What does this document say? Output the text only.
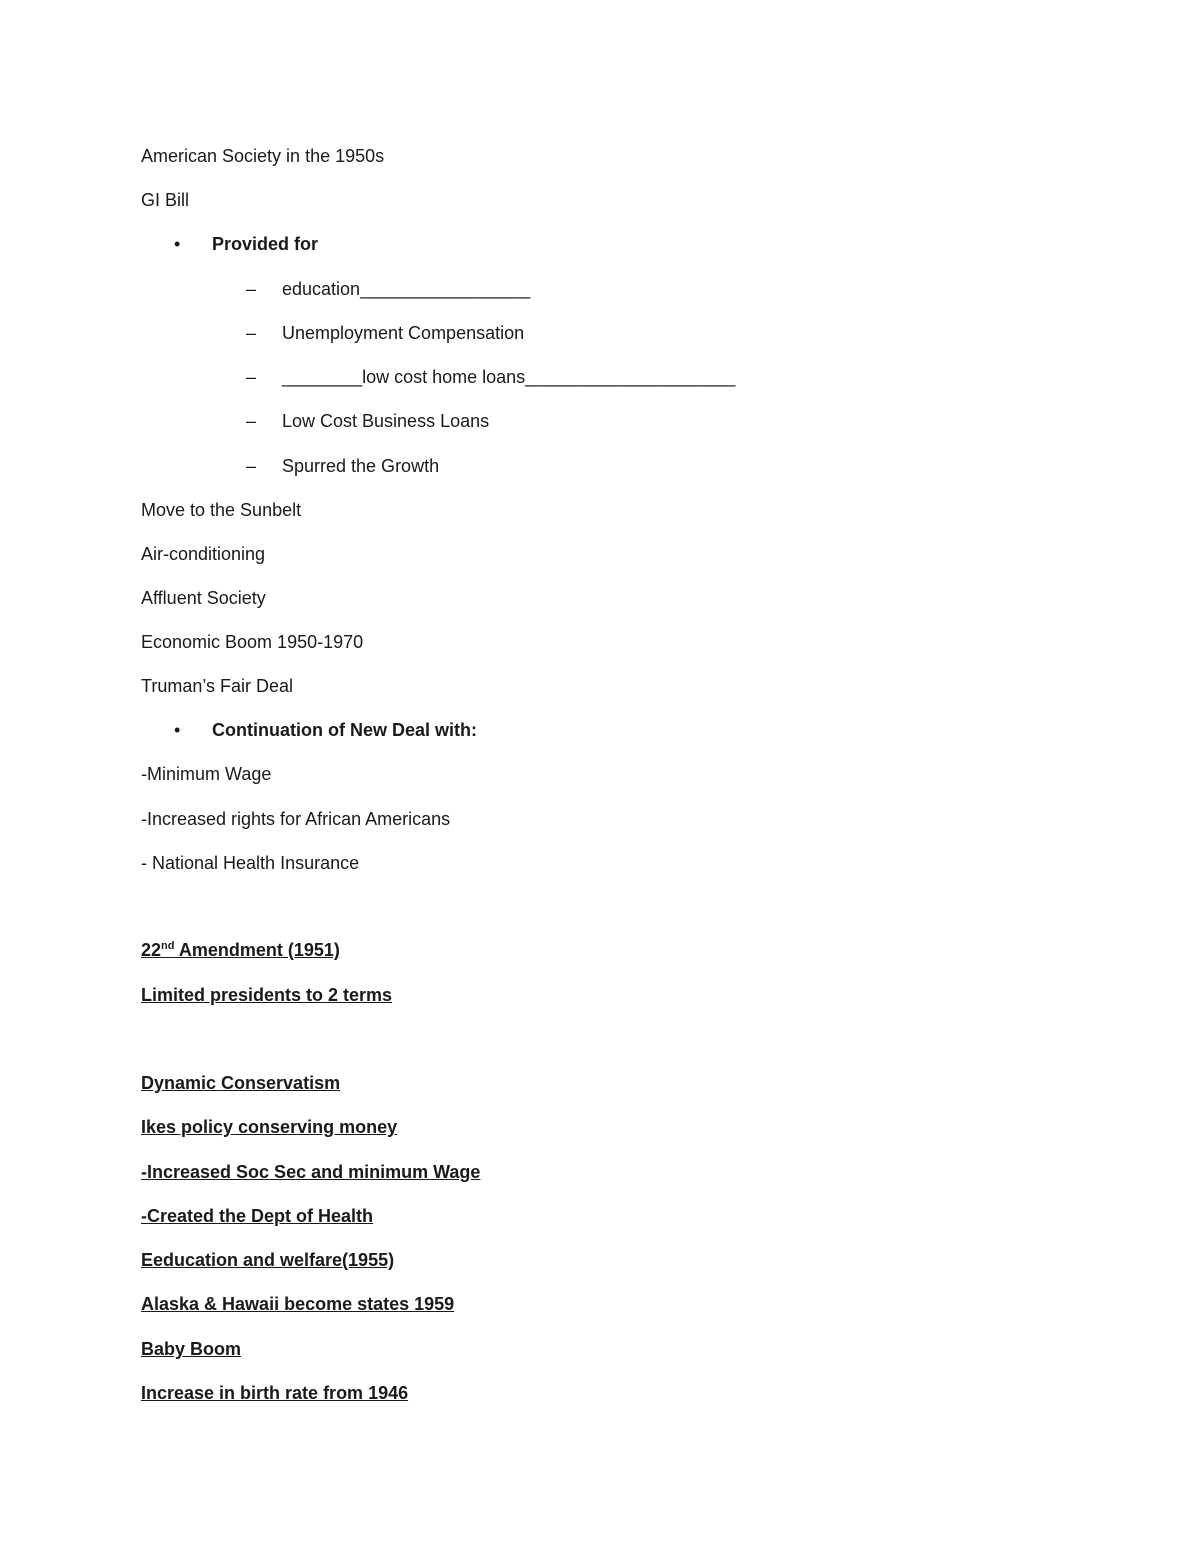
American Society in the 1950s

GI Bill

• Provided for

– education_________________

– Unemployment Compensation

– ________low cost home loans_____________________

– Low Cost Business Loans

– Spurred the Growth

Move to the Sunbelt

Air-conditioning

Affluent Society

Economic Boom 1950-1970

Truman’s Fair Deal

• Continuation of New Deal with:

-Minimum Wage

-Increased rights for African Americans

- National Health Insurance

22nd Amendment (1951)

Limited presidents to 2 terms

Dynamic Conservatism

Ikes policy conserving money

-Increased Soc Sec and minimum Wage

-Created the Dept of Health

Eeducation and welfare(1955)

Alaska & Hawaii become states 1959

Baby Boom

Increase in birth rate from 1946
